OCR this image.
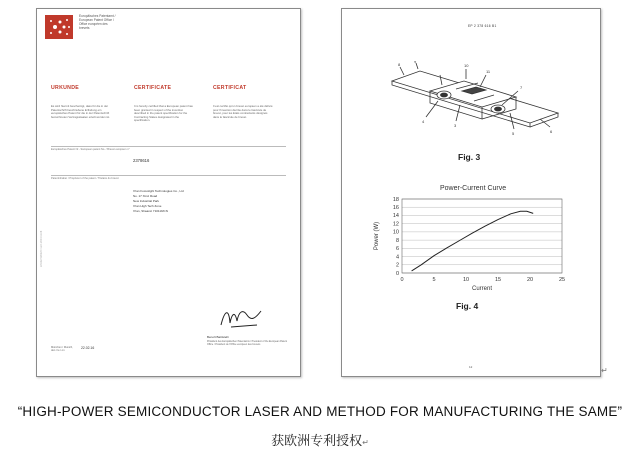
Europäisches Patentamt / European Patent Office / Office européen des brevets
URKUNDE	CERTIFICATE	CERTIFICAT
Es wird hiermit bescheinigt, dass für die in der Patentschrift beschriebene Erfindung ein europäisches Patent für die in der Patentschrift bezeichneten Vertragsstaaten erteilt worden ist.
It is hereby certified that a European patent has been granted in respect of the invention described in the patent specification for the Contracting States designated in the specification.
Il est certifié qu'un brevet européen a été délivré pour l'invention décrite dans le fascicule de brevet, pour les Etats contractants désignés dans le fascicule de brevet.
Europäisches Patent Nr. / European patent No. / Brevet européen n°
2378616
Patentinhaber / Proprietor of the patent / Titulaire du brevet
Xi'an Focuslight Technologies Co., Ltd
No. 17 Xinxi Road
New Industrial Park
Xi'an High Tech Zone
Xi'an, Shaanxi 710119/CN
Benoît Battistelli
Präsident des Europäischen Patentamts / President of the European Patent Office / Président de l'Office européen des brevets
München / Munich, den / le / on
22.02.16
EPA/EPO/OEB Form 2004 11.08
EP 2 378 616 B1
8
9
10
11
7
6
5
3
4
Fig. 3
Power-Current Curve
0
2
4
6
8
10
12
14
16
18
0	5	10	15	20	25
Current
Power (W)
Fig. 4
12	↵
“HIGH-POWER SEMICONDUCTOR LASER AND METHOD FOR MANUFACTURING THE SAME”
获欧洲专利授权↵
